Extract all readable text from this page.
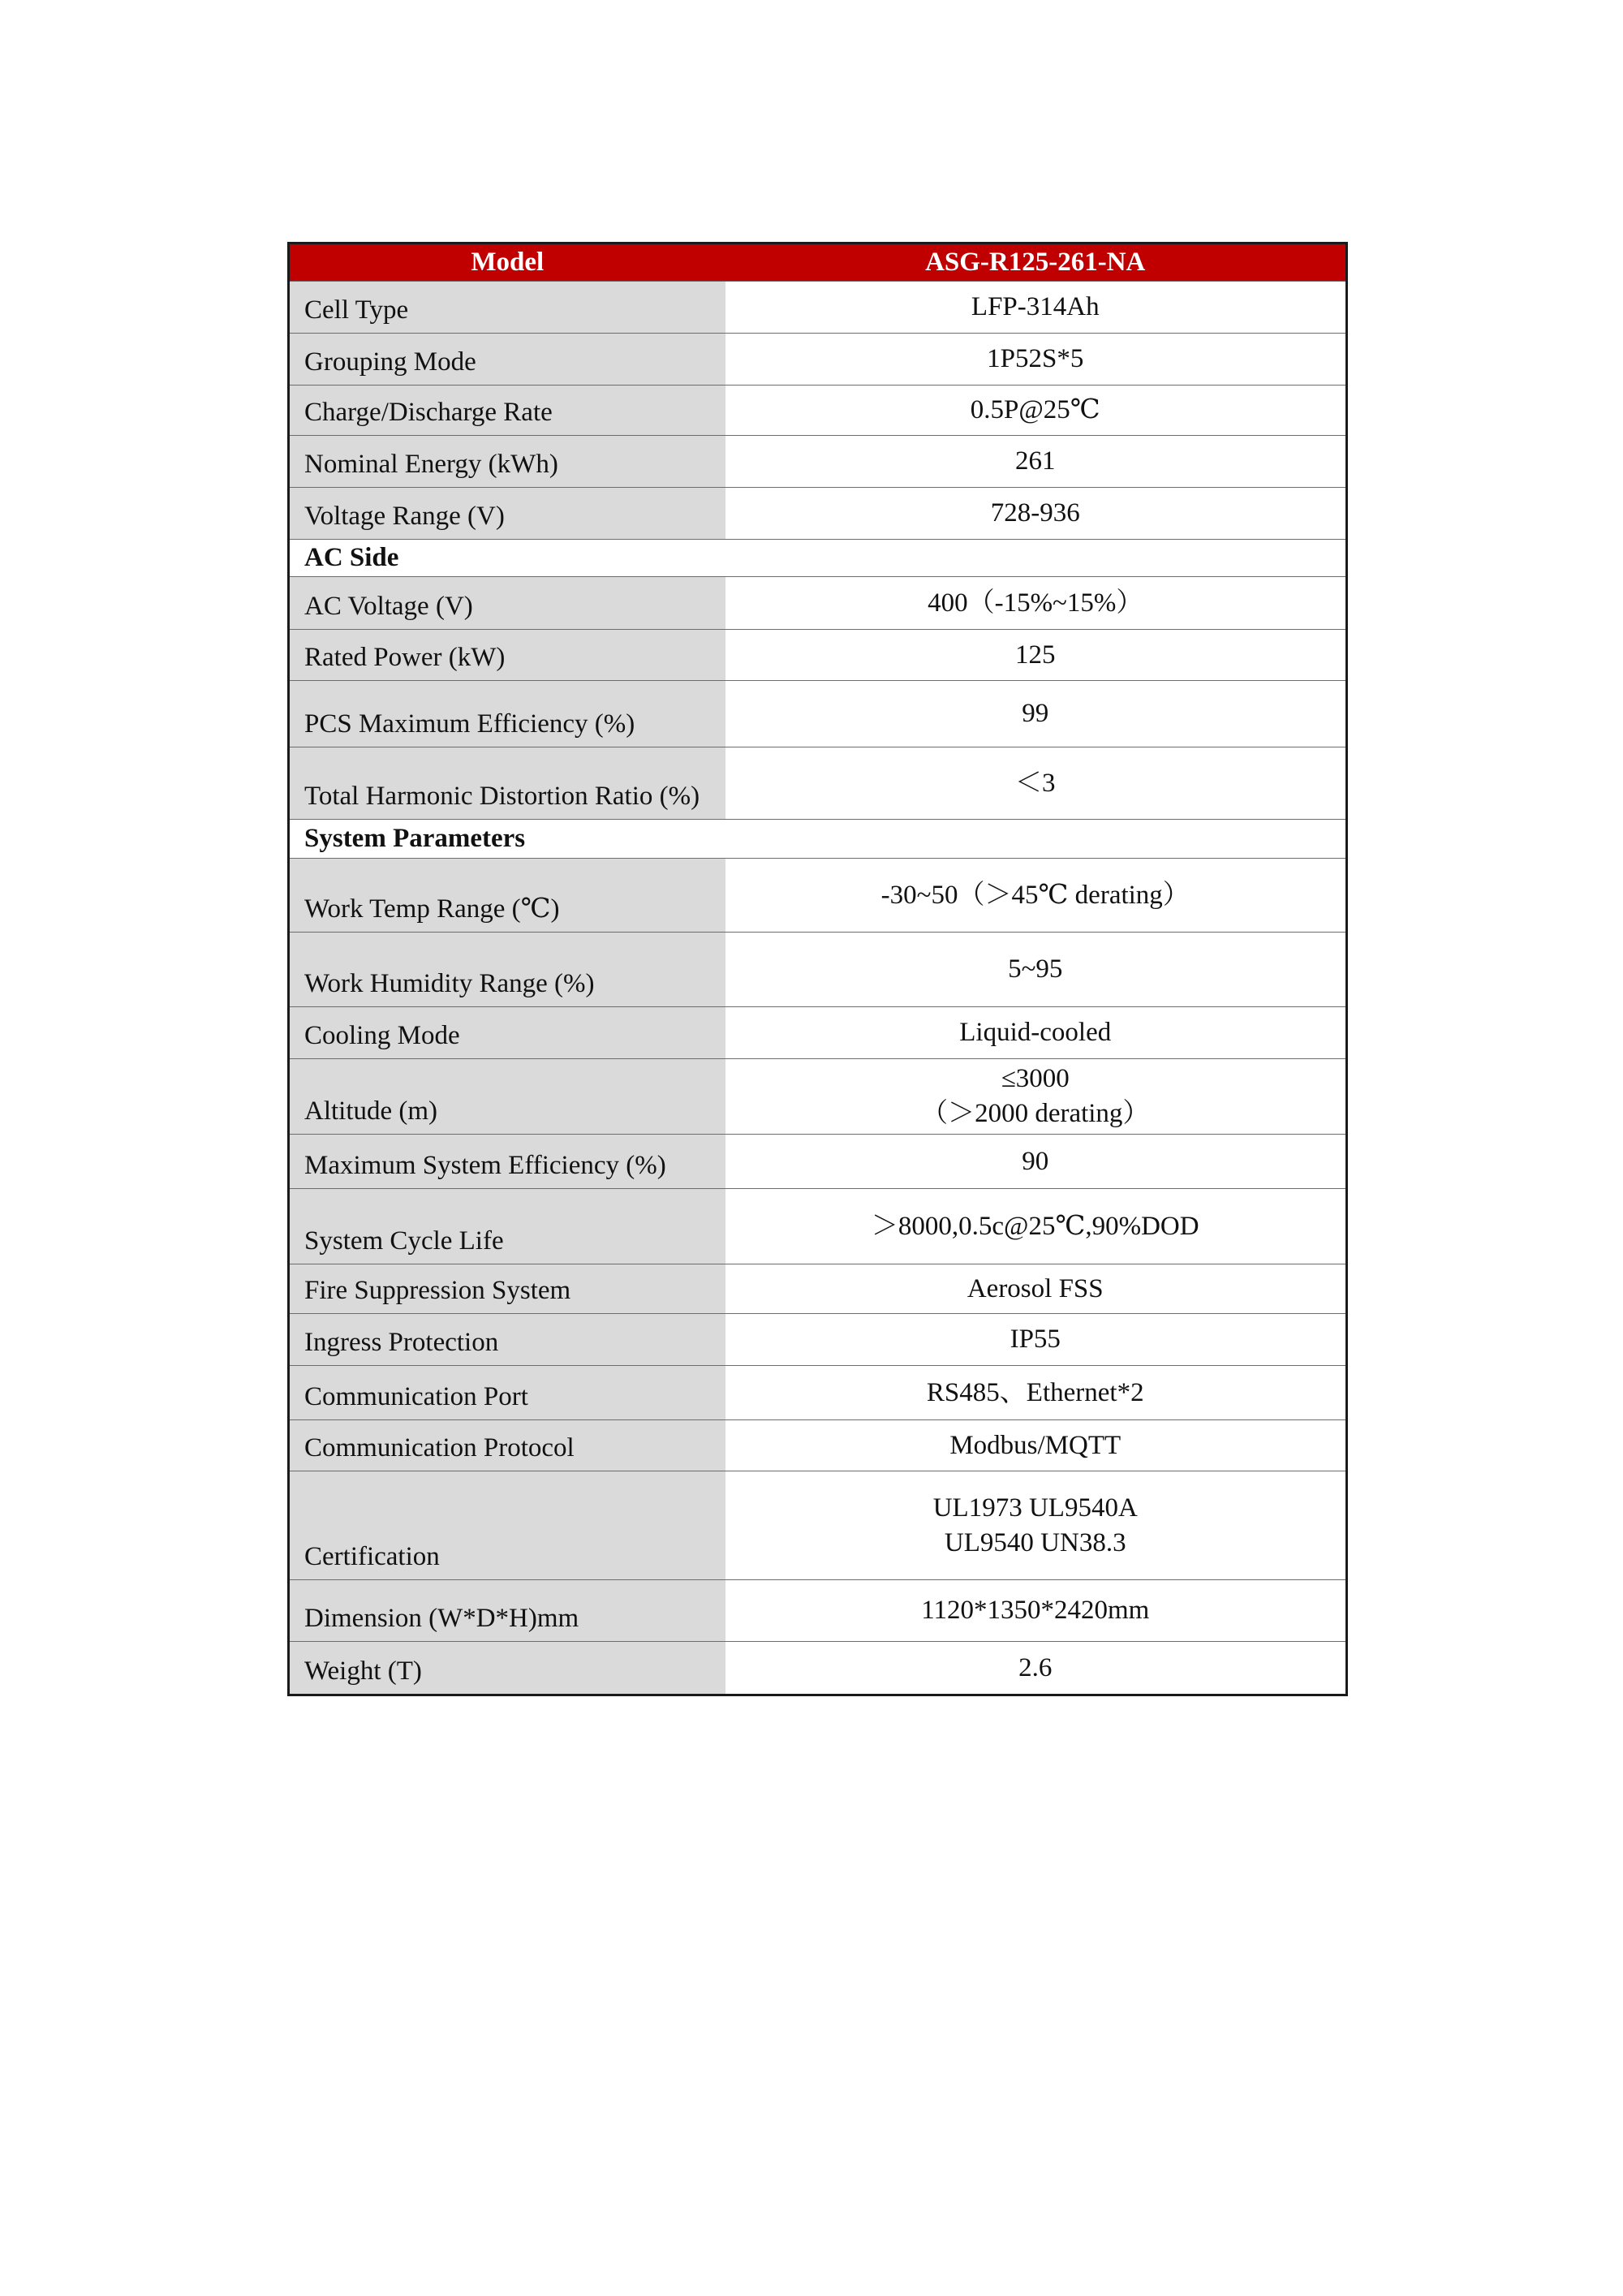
Model	ASG-R125-261-NA
Cell Type	LFP-314Ah
Grouping Mode	1P52S*5
Charge/Discharge Rate	0.5P@25℃
Nominal Energy (kWh)	261
Voltage Range (V)	728-936
AC Side	
AC Voltage (V)	400（-15%~15%）
Rated Power (kW)	125
PCS Maximum Efficiency (%)	99
Total Harmonic Distortion Ratio (%)	＜3
System Parameters	
Work Temp Range (℃)	-30~50（＞45℃ derating）
Work Humidity Range (%)	5~95
Cooling Mode	Liquid-cooled
Altitude (m)	≤3000
（＞2000 derating）

Maximum System Efficiency (%)	90
System Cycle Life	＞8000,0.5c@25℃,90%DOD
Fire Suppression System	Aerosol FSS
Ingress Protection	IP55
Communication Port	RS485、Ethernet*2
Communication Protocol	Modbus/MQTT
Certification	UL1973 UL9540A
UL9540 UN38.3

Dimension (W*D*H)mm	1120*1350*2420mm
Weight (T)	2.6
